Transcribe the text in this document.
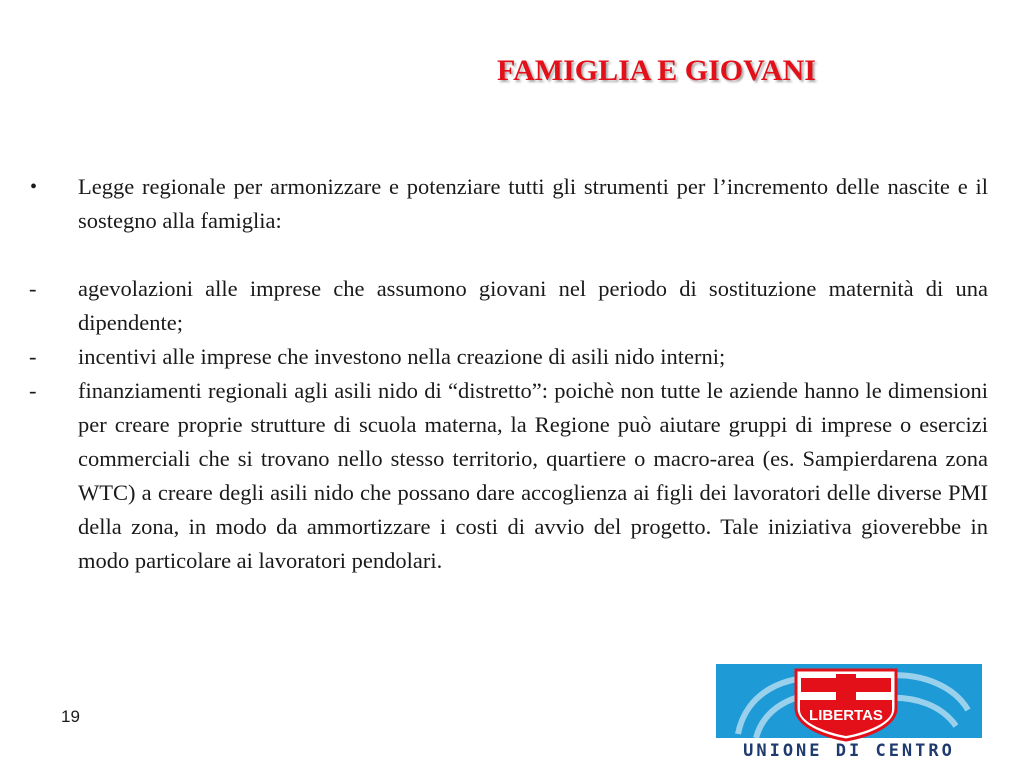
FAMIGLIA E GIOVANI
•	Legge regionale per armonizzare e potenziare tutti gli strumenti per l’incremento delle nascite e il sostegno alla famiglia:
-	agevolazioni alle imprese che assumono giovani nel periodo di sostituzione maternità di una dipendente;
-	incentivi alle imprese che investono nella creazione di asili nido interni;
-	finanziamenti regionali agli asili nido di “distretto”: poichè non tutte le aziende hanno le dimensioni per creare proprie strutture di scuola materna, la Regione può aiutare gruppi di imprese o esercizi commerciali che si trovano nello stesso territorio, quartiere o macro-area (es. Sampierdarena zona WTC) a creare degli asili nido che possano dare accoglienza ai figli dei lavoratori delle diverse PMI della zona, in modo da ammortizzare i costi di avvio del progetto. Tale iniziativa gioverebbe in modo particolare ai lavoratori pendolari.
19	LIBERTAS
UNIONE DI CENTRO
